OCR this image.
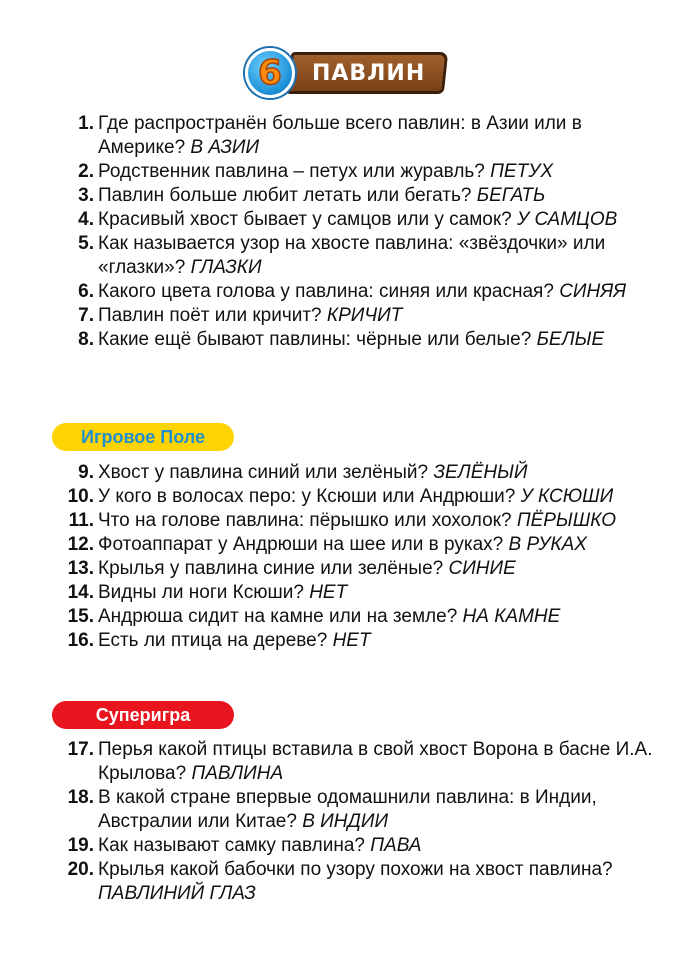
6 ПАВЛИН
1. Где распространён больше всего павлин: в Азии или в Америке? В АЗИИ
2. Родственник павлина – петух или журавль? ПЕТУХ
3. Павлин больше любит летать или бегать? БЕГАТЬ
4. Красивый хвост бывает у самцов или у самок? У САМЦОВ
5. Как называется узор на хвосте павлина: «звёздочки» или «глазки»? ГЛАЗКИ
6. Какого цвета голова у павлина: синяя или красная? СИНЯЯ
7. Павлин поёт или кричит? КРИЧИТ
8. Какие ещё бывают павлины: чёрные или белые? БЕЛЫЕ
Игровое Поле
9. Хвост у павлина синий или зелёный? ЗЕЛЁНЫЙ
10. У кого в волосах перо: у Ксюши или Андрюши? У КСЮШИ
11. Что на голове павлина: пёрышко или хохолок? ПЁРЫШКО
12. Фотоаппарат у Андрюши на шее или в руках? В РУКАХ
13. Крылья у павлина синие или зелёные? СИНИЕ
14. Видны ли ноги Ксюши? НЕТ
15. Андрюша сидит на камне или на земле? НА КАМНЕ
16. Есть ли птица на дереве? НЕТ
Суперигра
17. Перья какой птицы вставила в свой хвост Ворона в басне И.А. Крылова? ПАВЛИНА
18. В какой стране впервые одомашнили павлина: в Индии, Австралии или Китае? В ИНДИИ
19. Как называют самку павлина? ПАВА
20. Крылья какой бабочки по узору похожи на хвост павлина? ПАВЛИНИЙ ГЛАЗ
